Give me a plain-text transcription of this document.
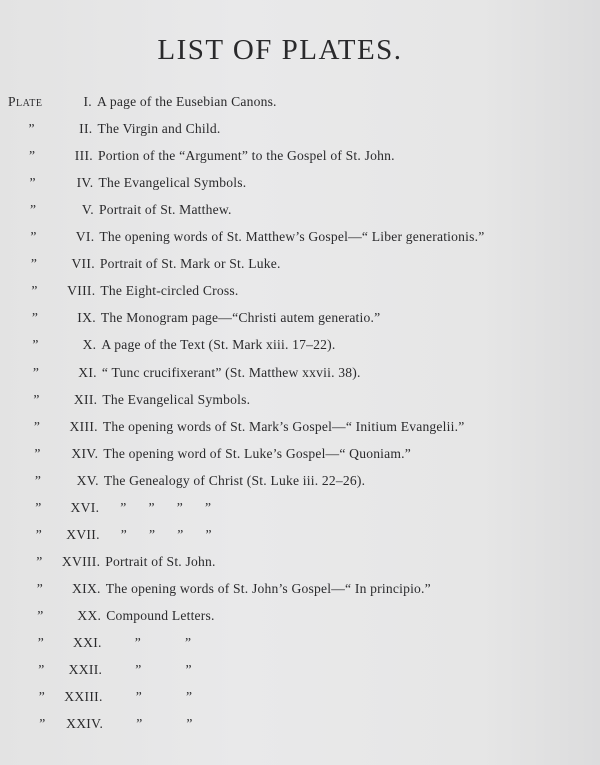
LIST OF PLATES.
Plate	I. A page of the Eusebian Canons.
”	II. The Virgin and Child.
”	III. Portion of the “Argument” to the Gospel of St. John.
”	IV. The Evangelical Symbols.
”	V. Portrait of St. Matthew.
”	VI. The opening words of St. Matthew’s Gospel—“ Liber generationis.”
” VII. Portrait of St. Mark or St. Luke.
” VIII. The Eight-circled Cross.
”	IX. The Monogram page—“Christi autem generatio.”
”	X. A page of the Text (St. Mark xiii. 17–22).
”	XI. “ Tunc crucifixerant” (St. Matthew xxvii. 38).
” XII. The Evangelical Symbols.
” XIII. The opening words of St. Mark’s Gospel—“ Initium Evangelii.”
” XIV. The opening word of St. Luke’s Gospel—“ Quoniam.”
”	XV. The Genealogy of Christ (St. Luke iii. 22–26).
” XVI.	” ” ” ”
” XVII.	” ” ” ”
” XVIII. Portrait of St. John.
” XIX. The opening words of St. John’s Gospel—“ In principio.”
” XX. Compound Letters.
” XXI.	”	”
” XXII.	”	”
” XXIII.	”	”
” XXIV.	”	”
